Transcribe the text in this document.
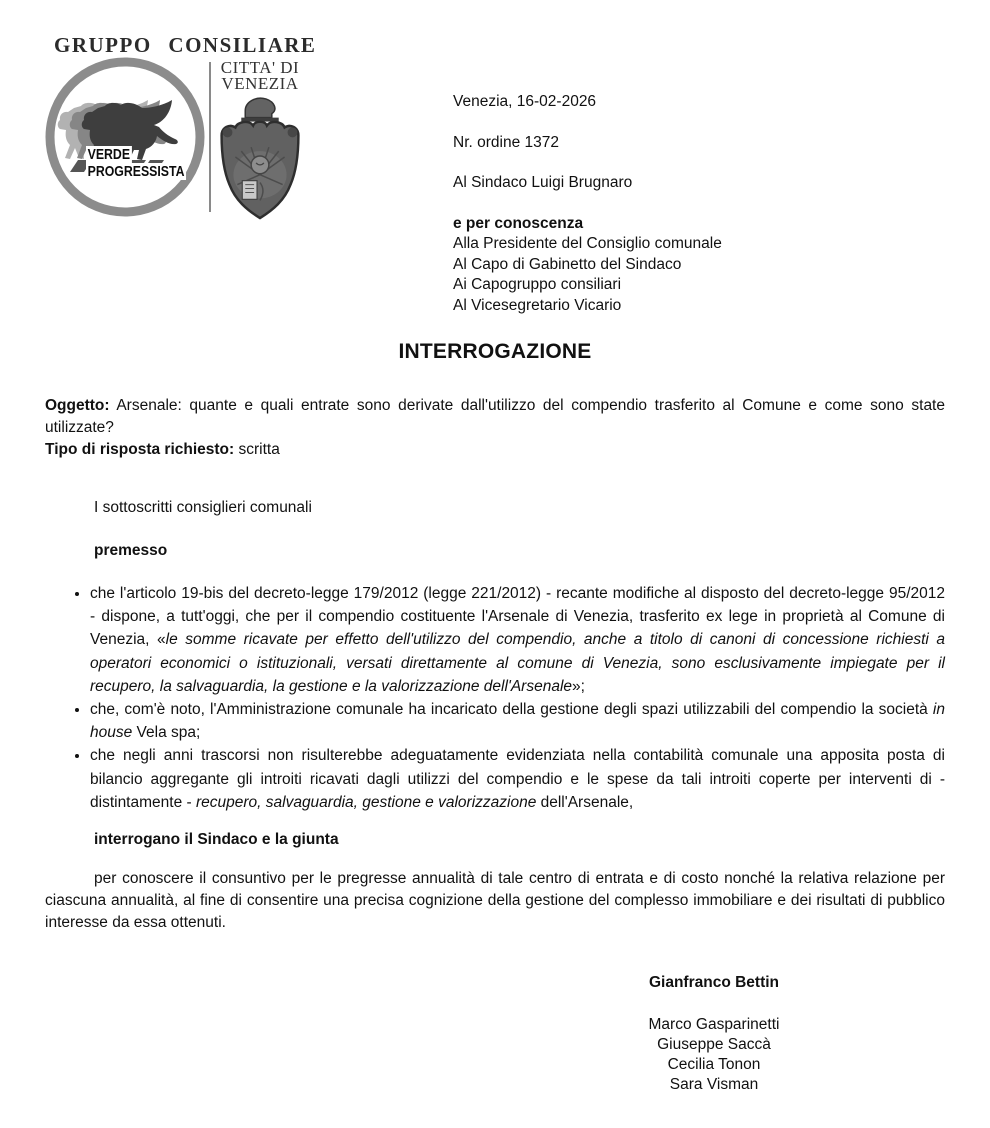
GRUPPO CONSILIARE
VERDE
PROGRESSISTA
CITTA' DI
VENEZIA
Venezia, 16-02-2026
Nr. ordine 1372
Al Sindaco Luigi Brugnaro
e per conoscenza
Alla Presidente del Consiglio comunale
Al Capo di Gabinetto del Sindaco
Ai Capogruppo consiliari
Al Vicesegretario Vicario
INTERROGAZIONE
Oggetto: Arsenale: quante e quali entrate sono derivate dall'utilizzo del compendio trasferito al Comune e come sono state utilizzate?
Tipo di risposta richiesto: scritta

I sottoscritti consiglieri comunali

premesso

• che l'articolo 19-bis del decreto-legge 179/2012 (legge 221/2012) - recante modifiche al disposto del decreto-legge 95/2012 - dispone, a tutt'oggi, che per il compendio costituente l'Arsenale di Venezia, trasferito ex lege in proprietà al Comune di Venezia, «le somme ricavate per effetto dell'utilizzo del compendio, anche a titolo di canoni di concessione richiesti a operatori economici o istituzionali, versati direttamente al comune di Venezia, sono esclusivamente impiegate per il recupero, la salvaguardia, la gestione e la valorizzazione dell'Arsenale»;
• che, com'è noto, l'Amministrazione comunale ha incaricato della gestione degli spazi utilizzabili del compendio la società in house Vela spa;
• che negli anni trascorsi non risulterebbe adeguatamente evidenziata nella contabilità comunale una apposita posta di bilancio aggregante gli introiti ricavati dagli utilizzi del compendio e le spese da tali introiti coperte per interventi di - distintamente - recupero, salvaguardia, gestione e valorizzazione dell'Arsenale,

interrogano il Sindaco e la giunta

per conoscere il consuntivo per le pregresse annualità di tale centro di entrata e di costo nonché la relativa relazione per ciascuna annualità, al fine di consentire una precisa cognizione della gestione del complesso immobiliare e dei risultati di pubblico interesse da essa ottenuti.

Gianfranco Bettin
Marco Gasparinetti
Giuseppe Saccà
Cecilia Tonon
Sara Visman
